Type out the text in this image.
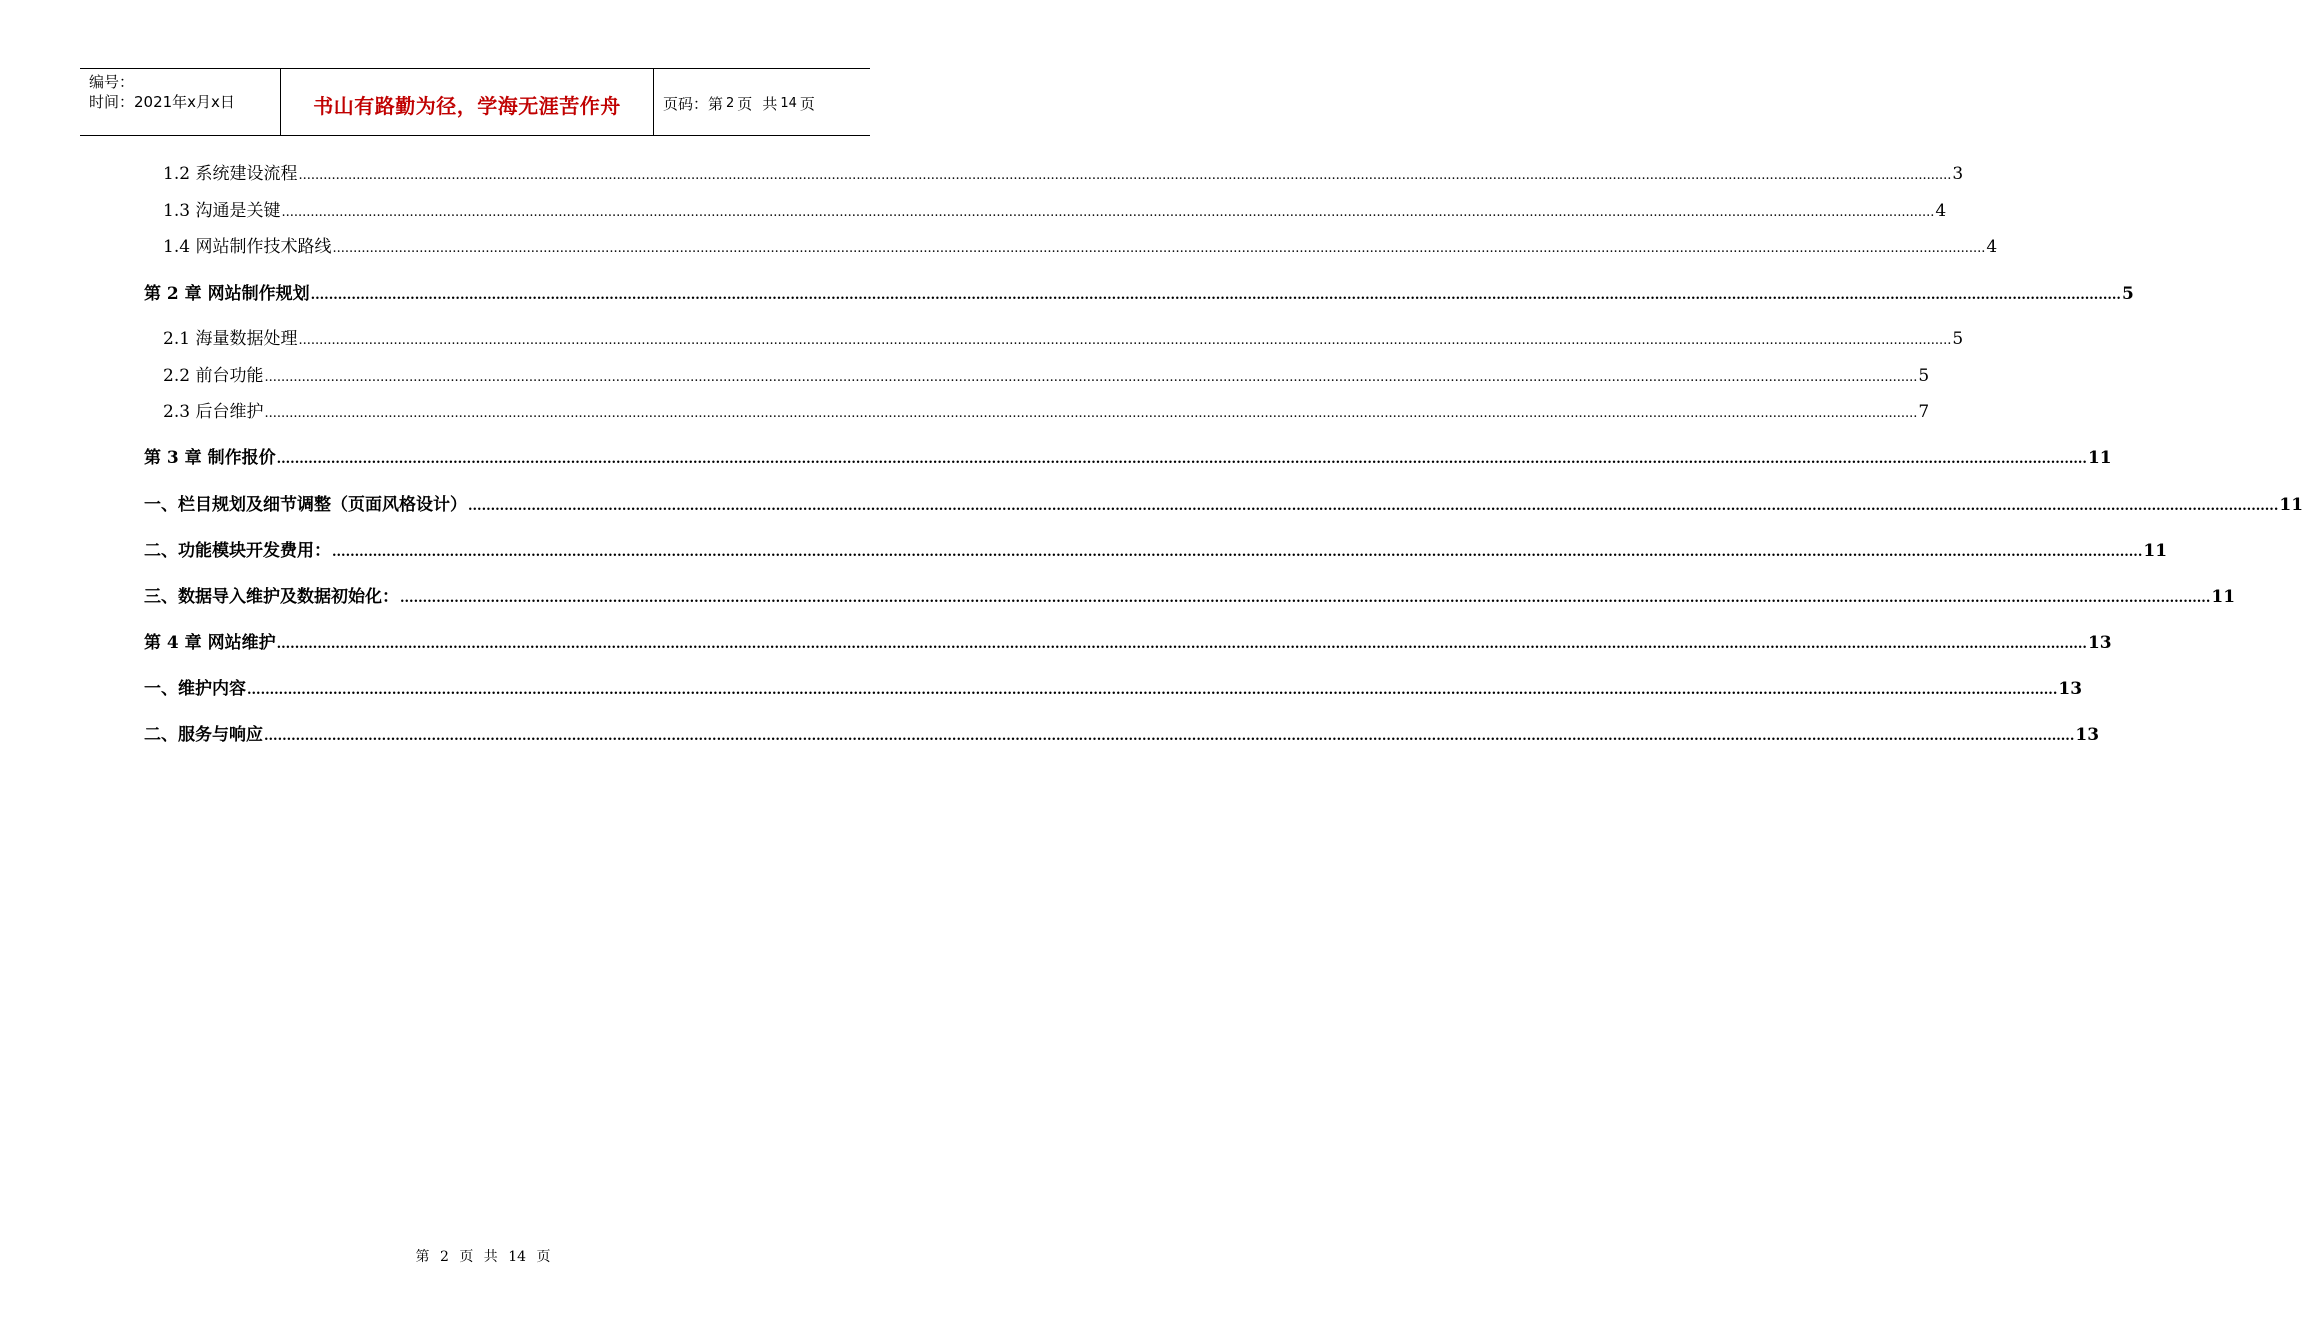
编号：
时间：2021年x月x日	书山有路勤为径，学海无涯苦作舟	页码：第 2 页 共 14 页
1.2 系统建设流程 ................................................................................................................................................................................................................................................................................................................................................................................................................ 3
1.3 沟通是关键 ................................................................................................................................................................................................................................................................................................................................................................................................................ 4
1.4 网站制作技术路线 ................................................................................................................................................................................................................................................................................................................................................................................................................ 4
第 2 章 网站制作规划 ................................................................................................................................................................................................................................................................................................................................................................................................................ 5
2.1 海量数据处理 ................................................................................................................................................................................................................................................................................................................................................................................................................ 5
2.2 前台功能 ................................................................................................................................................................................................................................................................................................................................................................................................................ 5
2.3 后台维护 ................................................................................................................................................................................................................................................................................................................................................................................................................ 7
第 3 章 制作报价 ................................................................................................................................................................................................................................................................................................................................................................................................................ 11
一、栏目规划及细节调整（页面风格设计） ................................................................................................................................................................................................................................................................................................................................................................................................................ 11
二、功能模块开发费用： ................................................................................................................................................................................................................................................................................................................................................................................................................ 11
三、数据导入维护及数据初始化： ................................................................................................................................................................................................................................................................................................................................................................................................................ 11
第 4 章 网站维护 ................................................................................................................................................................................................................................................................................................................................................................................................................ 13
一、维护内容 ................................................................................................................................................................................................................................................................................................................................................................................................................ 13
二、服务与响应 ................................................................................................................................................................................................................................................................................................................................................................................................................ 13
第 2 页 共 14 页
